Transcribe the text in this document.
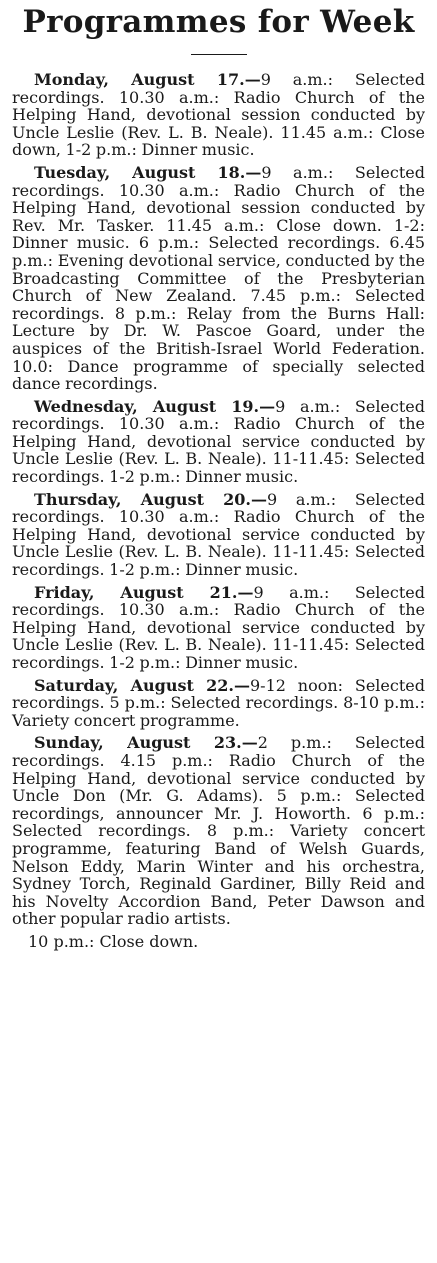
Programmes for Week

Monday, August 17.—9 a.m.: Selected recordings. 10.30 a.m.: Radio Church of the Helping Hand, devotional session conducted by Uncle Leslie (Rev. L. B. Neale). 11.45 a.m.: Close down, 1-2 p.m.: Dinner music.

Tuesday, August 18.—9 a.m.: Selected recordings. 10.30 a.m.: Radio Church of the Helping Hand, devotional session conducted by Rev. Mr. Tasker. 11.45 a.m.: Close down. 1-2: Dinner music. 6 p.m.: Selected recordings. 6.45 p.m.: Evening devotional service, conducted by the Broadcasting Committee of the Presbyterian Church of New Zealand. 7.45 p.m.: Selected recordings. 8 p.m.: Relay from the Burns Hall: Lecture by Dr. W. Pascoe Goard, under the auspices of the British-Israel World Federation. 10.0: Dance programme of specially selected dance recordings.

Wednesday, August 19.—9 a.m.: Selected recordings. 10.30 a.m.: Radio Church of the Helping Hand, devotional service conducted by Uncle Leslie (Rev. L. B. Neale). 11-11.45: Selected recordings. 1-2 p.m.: Dinner music.

Thursday, August 20.—9 a.m.: Selected recordings. 10.30 a.m.: Radio Church of the Helping Hand, devotional service conducted by Uncle Leslie (Rev. L. B. Neale). 11-11.45: Selected recordings. 1-2 p.m.: Dinner music.

Friday, August 21.—9 a.m.: Selected recordings. 10.30 a.m.: Radio Church of the Helping Hand, devotional service conducted by Uncle Leslie (Rev. L. B. Neale). 11-11.45: Selected recordings. 1-2 p.m.: Dinner music.

Saturday, August 22.—9-12 noon: Selected recordings. 5 p.m.: Selected recordings. 8-10 p.m.: Variety concert programme.

Sunday, August 23.—2 p.m.: Selected recordings. 4.15 p.m.: Radio Church of the Helping Hand, devotional service conducted by Uncle Don (Mr. G. Adams). 5 p.m.: Selected recordings, announcer Mr. J. Howorth. 6 p.m.: Selected recordings. 8 p.m.: Variety concert programme, featuring Band of Welsh Guards, Nelson Eddy, Marin Winter and his orchestra, Sydney Torch, Reginald Gardiner, Billy Reid and his Novelty Accordion Band, Peter Dawson and other popular radio artists.

10 p.m.: Close down.
